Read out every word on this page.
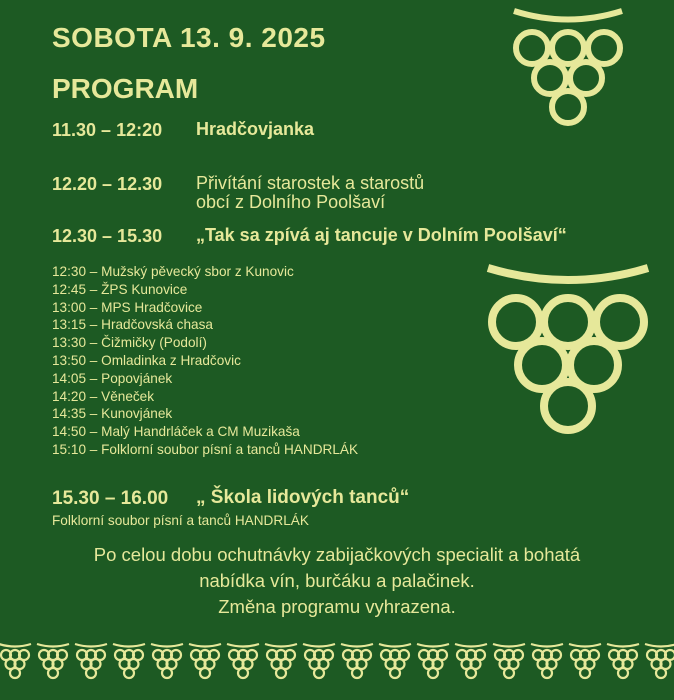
SOBOTA 13. 9. 2025
PROGRAM
11.30 – 12:20 Hradčovjanka
12.20 – 12.30 Přivítání starostek a starostů
obcí z Dolního Poolšaví
12.30 – 15.30 „Tak sa zpívá aj tancuje v Dolním Poolšaví“
12:30 – Mužský pěvecký sbor z Kunovic
12:45 – ŽPS Kunovice
13:00 – MPS Hradčovice
13:15 – Hradčovská chasa
13:30 – Čižmičky (Podolí)
13:50 – Omladinka z Hradčovic
14:05 – Popovjánek
14:20 – Věneček
14:35 – Kunovjánek
14:50 – Malý Handrláček a CM Muzikaša
15:10 – Folklorní soubor písní a tanců HANDRLÁK
15.30 – 16.00 „ Škola lidových tanců“
Folklorní soubor písní a tanců HANDRLÁK
Po celou dobu ochutnávky zabijačkových specialit a bohatá
nabídka vín, burčáku a palačinek.
Změna programu vyhrazena.
